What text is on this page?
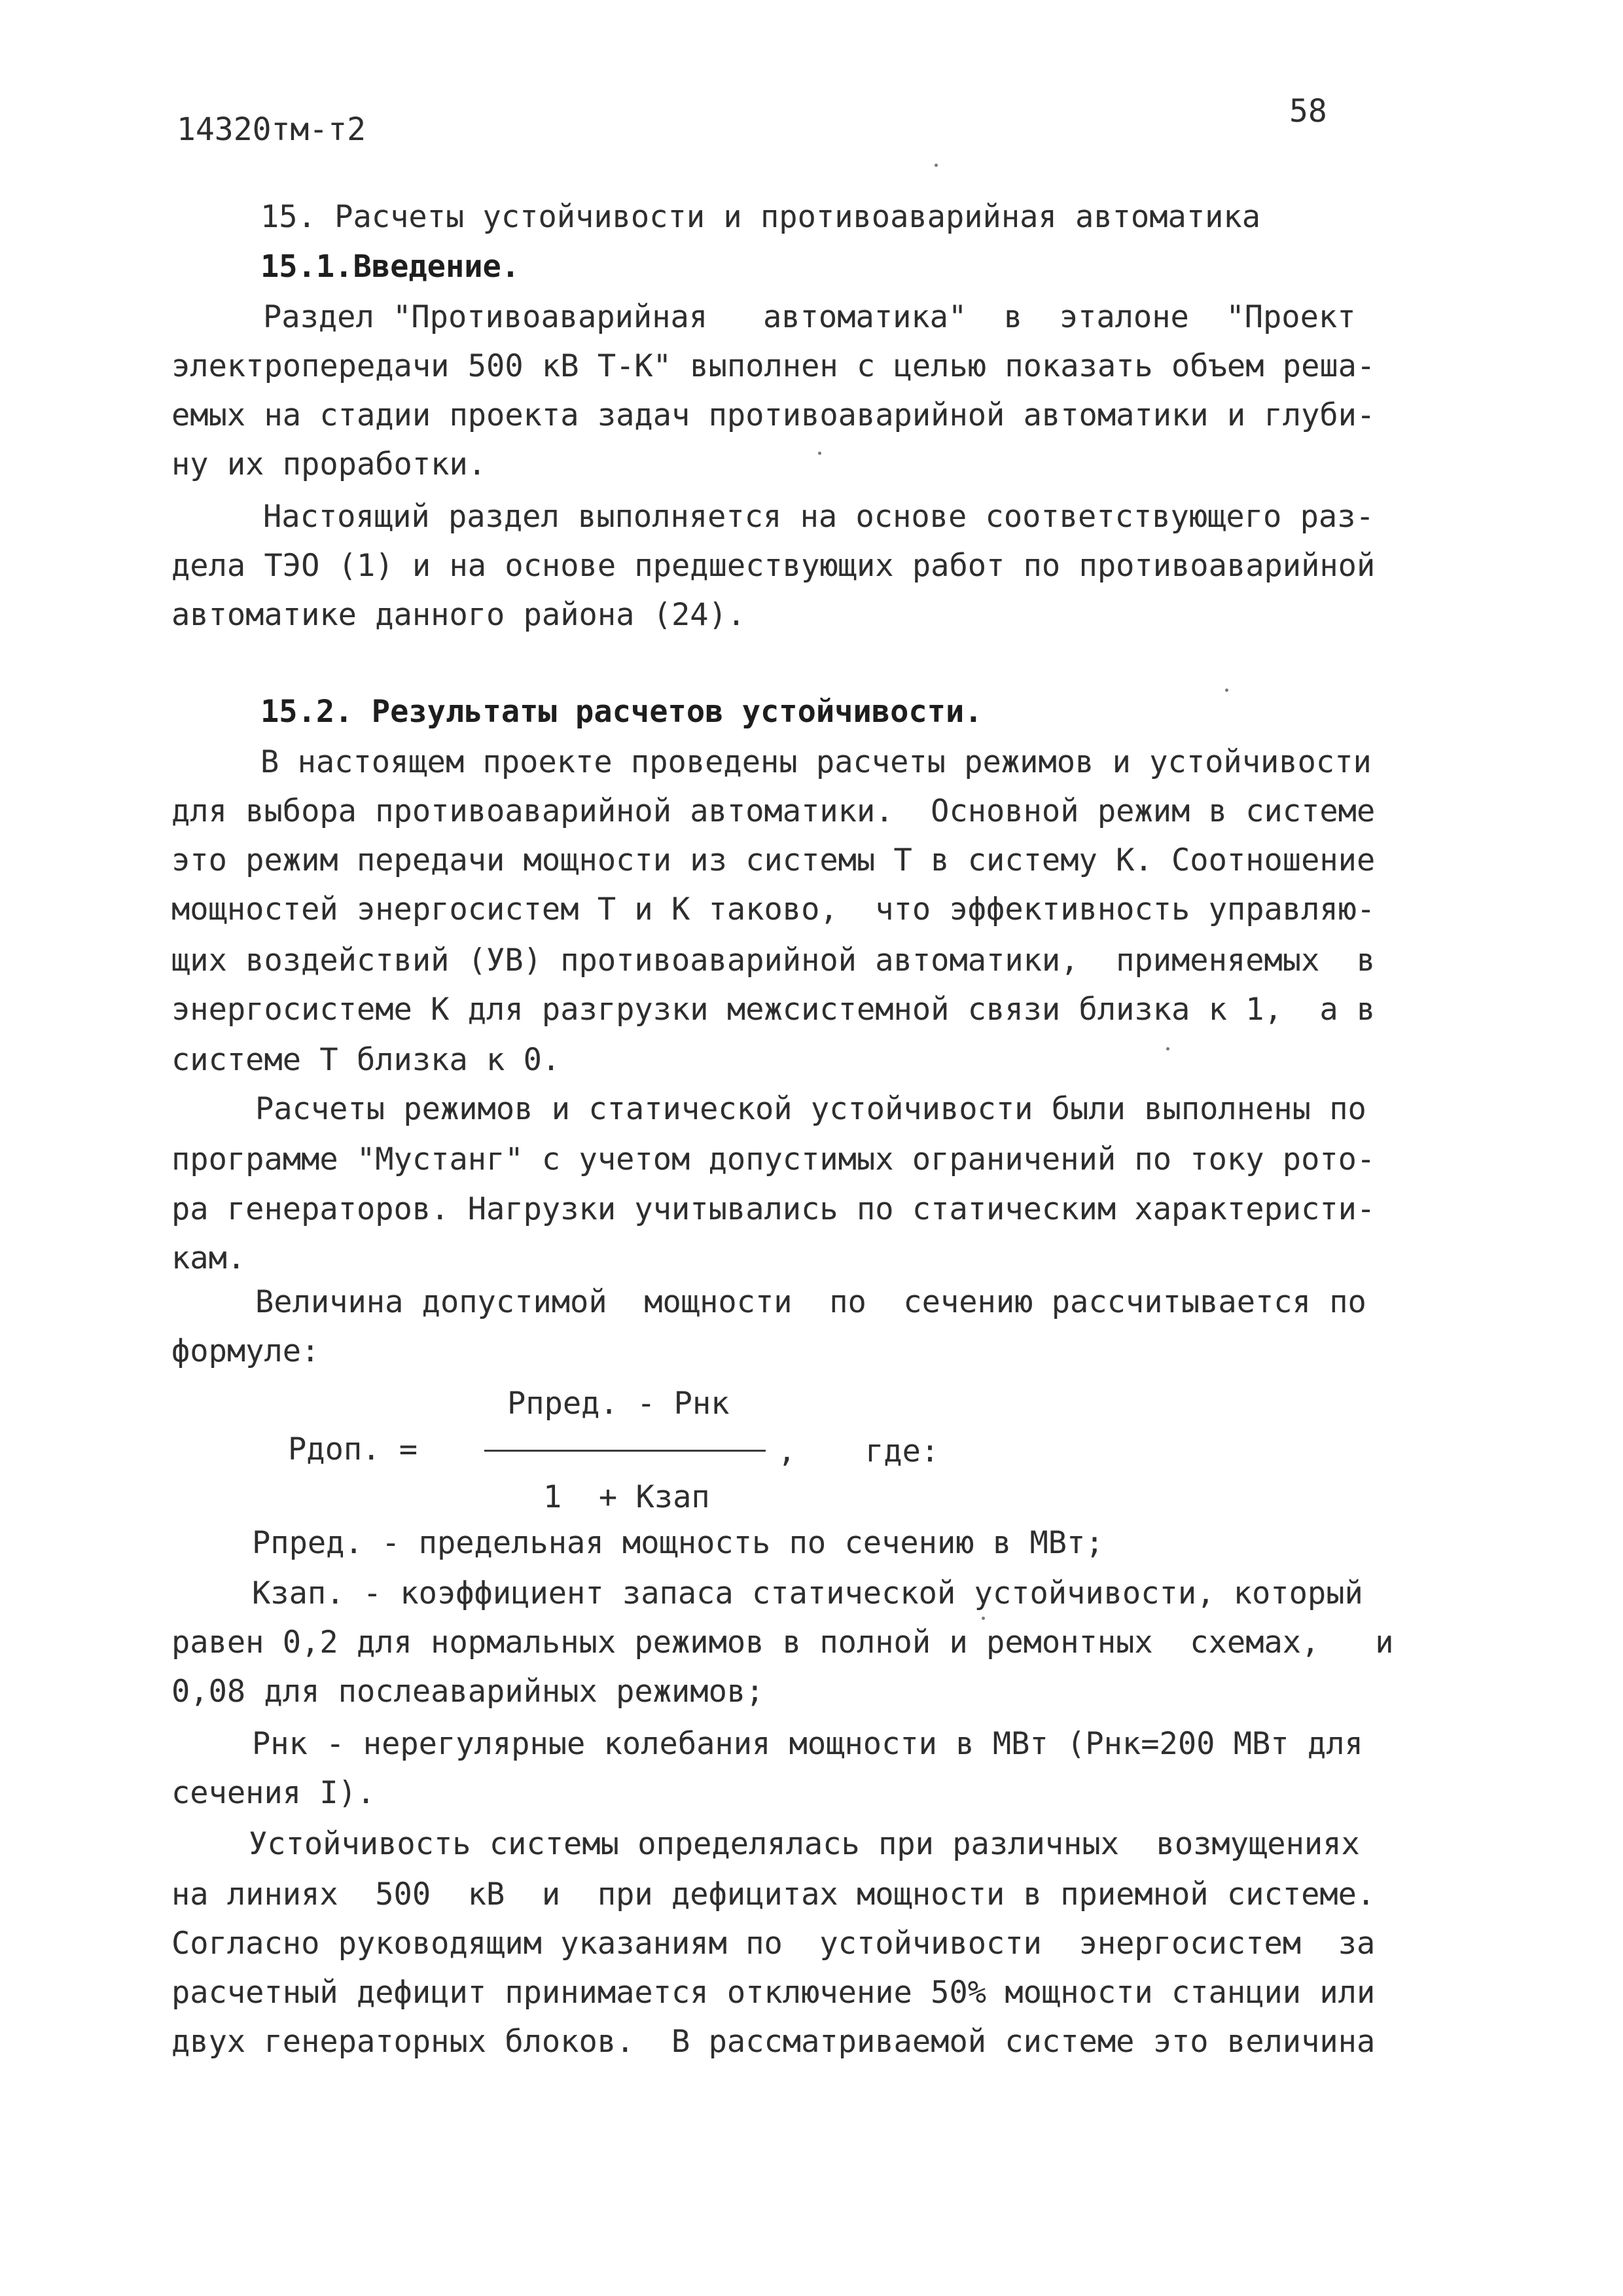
14320тм-т2	58
15. Расчеты устойчивости и противоаварийная автоматика
15.1.Введение.
Раздел "Противоаварийная   автоматика"  в  эталоне  "Проект
электропередачи 500 кВ Т-К" выполнен с целью показать объем реша-
емых на стадии проекта задач противоаварийной автоматики и глуби-
ну их проработки.
Настоящий раздел выполняется на основе соответствующего раз-
дела ТЭО (1) и на основе предшествующих работ по противоаварийной
автоматике данного района (24).
15.2. Результаты расчетов устойчивости.
В настоящем проекте проведены расчеты режимов и устойчивости
для выбора противоаварийной автоматики.  Основной режим в системе
это режим передачи мощности из системы Т в систему К. Соотношение
мощностей энергосистем Т и К таково,  что эффективность управляю-
щих воздействий (УВ) противоаварийной автоматики,  применяемых  в
энергосистеме К для разгрузки межсистемной связи близка к 1,  а в
системе Т близка к 0.
Расчеты режимов и статической устойчивости были выполнены по
программе "Мустанг" с учетом допустимых ограничений по току рото-
ра генераторов. Нагрузки учитывались по статическим характеристи-
кам.
Величина допустимой  мощности  по  сечению рассчитывается по
формуле:
Рдоп. =
Рпред. - Рнк
, где:
1  + Кзап
Рпред. - предельная мощность по сечению в МВт;
Кзап. - коэффициент запаса статической устойчивости, который
равен 0,2 для нормальных режимов в полной и ремонтных  схемах,   и
0,08 для послеаварийных режимов;
Рнк - нерегулярные колебания мощности в МВт (Рнк=200 МВт для
сечения I).
Устойчивость системы определялась при различных  возмущениях
на линиях  500  кВ  и  при дефицитах мощности в приемной системе.
Согласно руководящим указаниям по  устойчивости  энергосистем  за
расчетный дефицит принимается отключение 50% мощности станции или
двух генераторных блоков.  В рассматриваемой системе это величина
